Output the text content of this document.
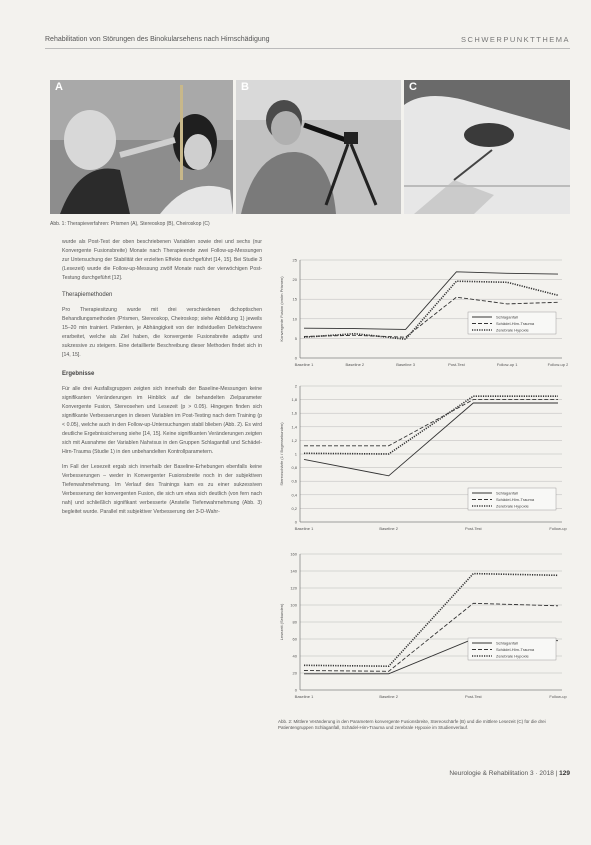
Rehabilitation von Störungen des Binokularsehens nach Hirnschädigung	SCHWERPUNKTTHEMA
A	B	C
Abb. 1: Therapieverfahren: Prismen (A), Stereoskop (B), Cheiroskop (C)

wurde als Post-Test der oben beschriebenen Variablen sowie drei und sechs (nur Konvergente Fusionsbreite) Monate nach Therapieende zwei Follow-up-Messungen zur Untersuchung der Stabilität der erzielten Effekte durchgeführt [14, 15]. Bei Studie 3 (Lesezeit) wurde die Follow-up-Messung zwölf Monate nach der vierwöchigen Post-Testung durchgeführt [12].

Therapiemethoden

Pro Therapiesitzung wurde mit drei verschiedenen dichoptischen Behandlungsmethoden (Prismen, Stereoskop, Cheiroskop; siehe Abbildung 1) jeweils 15–20 min trainiert. Patienten, je Abhängigkeit von der individuellen Defektschwere erarbeitet, welche als Ziel haben, die konvergente Fusionsbreite adaptiv und sukzessive zu steigern. Eine detaillierte Beschreibung dieser Methoden findet sich in [14, 15].

Ergebnisse

Für alle drei Ausfallsgruppen zeigten sich innerhalb der Baseline-Messungen keine signifikanten Veränderungen im Hinblick auf die behandelten Zielparameter Konvergente Fusion, Stereosehen und Lesezeit (p > 0.05). Hingegen finden sich signifikante Verbesserungen in diesen Variablen im Post-Testing nach dem Training (p < 0.05), welche auch in den Follow-up-Untersuchungen stabil blieben (Abb. 2). Es wird deutliche Ergebnissicherung siehe [14, 15]. Keine signifikanten Veränderungen zeigten sich mit Ausnahme der Variablen Nahvisus in den Gruppen Schlaganfall und Schädel-Hirn-Trauma (Studie 1) in den unbehandelten Kontrollparametern.

Im Fall der Lesezeit ergab sich innerhalb der Baseline-Erhebungen ebenfalls keine Verbesserungen – weder in Konvergenter Fusionsbreite noch in der subjektiven Tiefenwahrnehmung. Im Verlauf des Trainings kam es zu einer sukzessiven Verbesserung der konvergenten Fusion, die sich um etwa sich deutlich (von fern nach nah) und schließlich signifikant verbesserte (Anstelle Tiefenwahrnehmung (Abb. 3) begleitet wurde. Parallel mit subjektiver Verbesserung der 3-D-Wahr-

0
5
10
15
20
25
Konvergente Fusion (cm/m Prismen)
Baseline 1	Baseline 2	Baseline 3	Post-Test	Follow-up 1	Follow-up 2
Schlaganfall
Schädel-Hirn-Trauma
Zerebrale Hypoxie
0
0,2
0,4
0,6
0,8
1
1,2
1,4
1,6
1,8
2
Stereoschärfe (1 / Bogensekunden)
Baseline 1	Baseline 2	Post-Test	Follow-up
Schlaganfall
Schädel-Hirn-Trauma
Zerebrale Hypoxie
0
20
40
60
80
100
120
140
160
Lesezeit (Sekunden)
Baseline 1	Baseline 2	Post-Test	Follow-up
Schlaganfall
Schädel-Hirn-Trauma
Zerebrale Hypoxie
Abb. 2: Mittlere Veränderung in den Parametern konvergente Fusionsbreite, Stereoschärfe (B) und die mittlere Lesezeit (C) für die drei Patientengruppen Schlaganfall, Schädel-Hirn-Trauma und zerebrale Hypoxie im Studienverlauf.
Neurologie & Rehabilitation 3 · 2018 | 129
